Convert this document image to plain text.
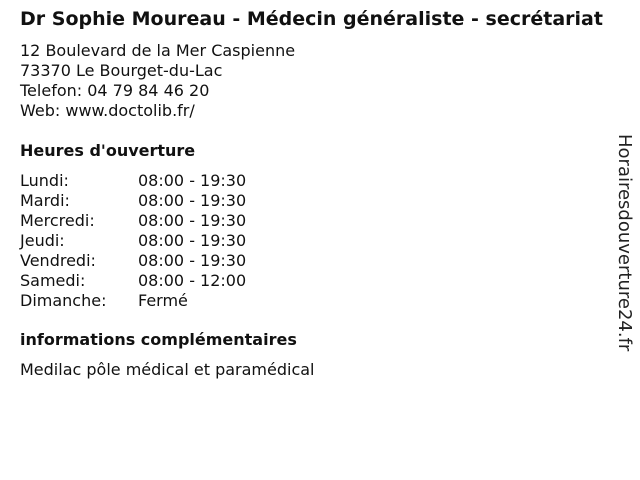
Dr Sophie Moureau - Médecin généraliste - secrétariat
12 Boulevard de la Mer Caspienne
73370 Le Bourget-du-Lac
Telefon: 04 79 84 46 20
Web: www.doctolib.fr/
Heures d'ouverture
Lundi:	08:00 - 19:30
Mardi:	08:00 - 19:30
Mercredi:	08:00 - 19:30
Jeudi:	08:00 - 19:30
Vendredi:	08:00 - 19:30
Samedi:	08:00 - 12:00
Dimanche:	Fermé
informations complémentaires
Medilac pôle médical et paramédical
Horairesdouverture24.fr
